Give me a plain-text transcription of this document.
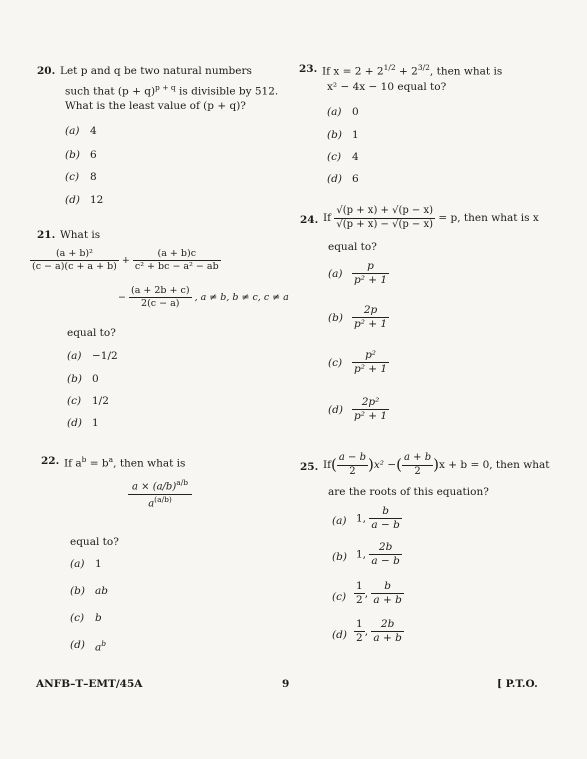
20. Let p and q be two natural numbers
such that $(p + q)^{p + q}$ is divisible by 512.
What is the least value of (p + q)?
(a) 4
(b) 6
(c) 8
(d) 12
21. What is
$\frac{\text{(a + b)²}}{(c - a)(c + a + b)} + \frac{(a + b)c}{\text{c² + bc − a² − ab}}$
− $\frac{(a + 2b + c)}{2(c - a)}$ , a ≠ b, b ≠ c, c ≠ a
equal to?
(a) −1/2
(b) 0
(c) 1/2
(d) 1
22. If $a^b = b^a$, then what is
$\frac{a \times (a/b)^{a/b}}{a^{(a/b)}}$
equal to?
(a) 1
(b) ab
(c) b
(d) $a^b$
23. If $x = 2 + 2^{1/2} + 2^{3/2}$, then what is
x² − 4x − 10 equal to?
(a) 0
(b) 1
(c) 4
(d) 6
24. If $\frac{√(p + x) + √(p - x)}{√(p + x) - √(p - x)} = p$, then what is x
equal to?
$(a) \frac{p}{\text{p² + 1}}$
$(b) \frac{2p}{\text{p² + 1}}$
$(c) \frac{\text{p²}}{\text{p² + 1}}$
$(d) \frac{\text{2p²}}{\text{p² + 1}}$
25. $If( \frac{a - b}{2} )x^2$ −( $\frac{a + b}{2} )x + b = 0$, then what
are the roots of this equation?
(a) 1, $\frac{b}{a - b}$
(b) 1, $\frac{2b}{a - b}$
$(c) \frac{1}{2}$ , $\frac{b}{a + b}$
$(d) \frac{1}{2}$ , $\frac{2b}{a + b}$
ANFB–T–EMT/45A	9	[ P.T.O.
